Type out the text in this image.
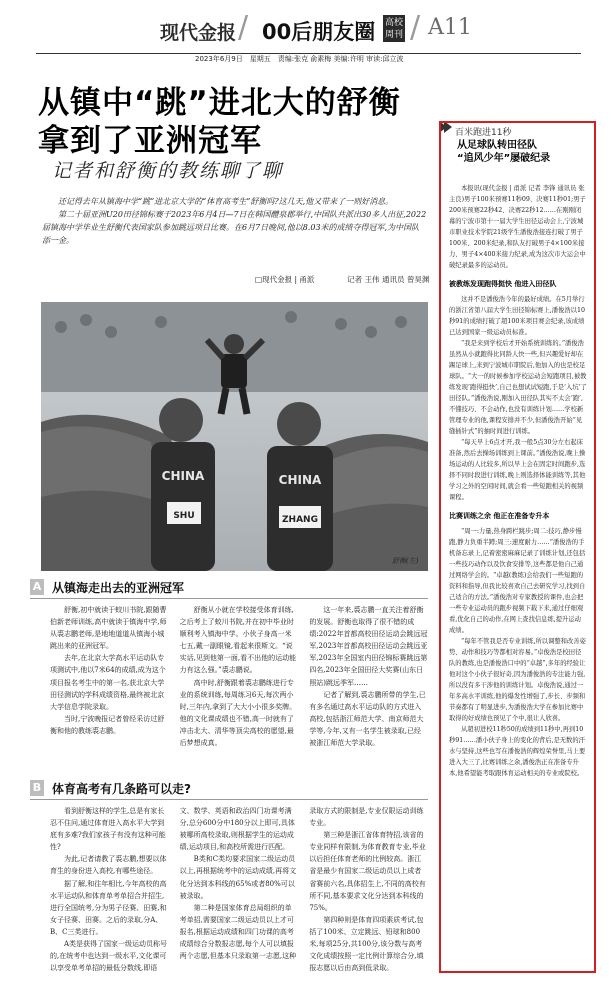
现代金报 / 00后朋友圈 高校
周刊 / A11
2023年6月9日　星期五　责编:张克 俞素梅 美编:许明 审读:邱立波
从镇中“跳”进北大的舒衡
拿到了亚洲冠军
记者和舒衡的教练聊了聊

还记得去年从镇海中学“跳”进北京大学的“体育高考生”舒衡吗?这几天,他又带来了一则好消息。

第二十届亚洲U20田径锦标赛于2023年6月4日—7日在韩国醴泉郡举行,中国队共派出30多人出征,2022届镇海中学毕业生舒衡代表国家队参加跳远项目比赛。在6月7日晚间,他以8.03米的成绩夺得冠军,为中国队添一金。

□现代金报 | 甬派	记者 王伟 通讯员 曾昊渊
CHINA
SHU
CHINA
ZHANG
舒衡(左)
A 从镇海走出去的亚洲冠军

舒衡,初中就读于蛟川书院,跟随曹伯新老师训练,高中就读于镇海中学,师从裘志鹏老师,是地地道道从镇海小城跳出来的亚洲冠军。

去年,在北京大学高水平运动队专项测试中,他以7米64的成绩,成为这个项目报名考生中的第一名,获北京大学田径测试的学科成绩资格,最终被北京大学信息学院录取。

当时,宁波晚报记者曾经采访过舒衡和他的教练裘志鹏。

舒衡从小就在学校接受体育训练,之后考上了蛟川书院,并在初中毕业时顺利考入镇海中学。小伙子身高一米七五,戴一副眼镜,看起来很斯文。“说实话,见到他第一面,看不出他的运动能力有这么强。”裘志鹏说。

高中时,舒衡跟着裘志鹏练进行专业的系统训练,每周练习6天,每次两小时,三年内,拿到了大大小小很多奖牌。他的文化课成绩也不错,高一时就有了冲击北大、清华等顶尖高校的愿望,最后梦想成真。

这一年来,裘志鹏一直关注着舒衡的发展。舒衡也取得了很不错的成绩:2022年首都高校田径运动会跳远冠军,2023年首都高校田径运动会跳远亚军,2023年全国室内田径锦标赛跳远第四名,2023年全国田径大奖赛(山东日照站)跳远季军……

记者了解到,裘志鹏所带的学生,已有多名通过高水平运动队的方式进入高校,包括浙江师范大学、南京师范大学等,今年,又有一名学生被录取,已经被浙江师范大学录取。

B 体育高考有几条路可以走?

看到舒衡这样的学生,总是有家长忍不住问,通过体育进入高水平大学到底有多难?我们家孩子有没有这种可能性?

为此,记者请教了裘志鹏,想要以体育生的身份进入高校,有哪些途径。

据了解,和往年相比,今年高校的高水平运动队和体育单考单招合并招生,进行全国统考,分为男子径赛、田赛,和女子径赛、田赛。之后的录取,分A、B、C三类进行。

A类是获得了国家一级运动员称号的,在统考中也达到一级水平,文化课可以享受单考单招的最低分数线,即语文、数学、英语和政治四门功课考满分,总分600分中180分以上即可,具体被哪所高校录取,则根据学生的运动成绩,运动项目,和高校所需进行匹配。

B类和C类均要求国家二级运动员以上,再根据统考中的运动成绩,再将文化分达到本科线的65%或者80%可以被录取。

第二种是国家体育总局组织的单考单招,需要国家二级运动员以上才可报名,根据运动成绩和四门功课的高考成绩综合分数报志愿,每个人可以填报两个志愿,但基本只录取第一志愿,这种录取方式的限制是,专业仅限运动训练专业。

第三种是浙江省体育特招,该省的专业同样有限制,为体育教育专业,毕业以后担任体育老师的比例较高。浙江省是最少有国家二级运动员以上成者省赛前六名,具体招生上,不同的高校有所不同,基本要求文化分达到本科线的75%。

第四种则是体育四项素质考试,包括了100米、立定跳远、铅球和800米,每项25分,共100分,该分数与高考文化成绩按照一定比例计算综合分,填报志愿以后由高到低录取。

百米跑进11秒
从足球队转田径队
“追风少年”屡破纪录

本报讯(现代金报 | 甬派 记者 李锋 通讯员 张主良)男子100米预赛11秒09、决赛11秒01;男子200米预赛22秒42、决赛22秒12……在刚刚闭幕的宁波市第十一届大学生田径运动会上,宁波城市职业技术学院21级学生潘俊浩接连打破了男子100米、200米纪录,和队友打破男子4×100米接力、男子4×400米接力纪录,成为这次市大运会中破纪录最多的运动员。

被教练发现跑得挺快 他进入田径队

这并不是潘俊浩今年的最好成绩。在5月举行的浙江省第八届大学生田径锦标赛上,潘俊浩以10秒91的成绩打破了超100米项目赛会纪录,该成绩已达到国家一级运动员标准。

“我是来到学校后才开始系统训练的。”潘俊浩虽然从小就跑得比同龄人快一些,但兴趣爱好却在踢足球上,来到宁波城市职院后,他加入的也是校足球队。“大一的时候参加学校运动会短跑项目,被教练发现‘跑得挺快’,自己也想试试短跑,于是‘入坑’了田径队。”潘俊浩说,刚加入田径队其实不太会‘跑’,不懂技巧、不会动作,也没有训练计划……学校新管理专业的他,课程安排并不少,但潘俊浩开始“见缝插针式”的抽时间进行训练。

“每天早上6点才开,我一般5点30分左右起床准备,然后去操场训练到上课前。”潘俊浩说,晚上操场运动的人比较多,所以早上会在固定时间跑步,选择不同时段进行训练,晚上则选择体能训练等,其他学习之外的空闲时间,就会看一些短跑相关的视频课程。

比赛训练之余 他正在准备专升本

“周一:力量,热身跨栏跳步;周二:技巧,静步慢跑,静力负重半蹲;周三:速度耐力……”潘俊浩的手机备忘录上,记着密密麻麻记录了训练计划,还包括一些技巧动作以及饮食安排等,这些都是他自己通过网络学会的。“卓越(教练)会给我们一些短跑的资料和指导,但我比较喜欢自己去研究学习,找到自己适合的方法。”潘俊浩对专家教授的课件,也会把一些专业运动员的跑步视频下载下来,通过仔细观看,优化自己的动作,在网上查找信息练,提升运动成绩。

“每年不管我是否专业训练,所以调整和改善姿势、动作和技巧等都相对容易。”卓俊浩是校田径队的教练,也是潘俊浩口中的“卓越”,多年的经验让他对这个小伙子很好奇,因为潘俊浩的专注能力强,所以没有多干涉他的训练计划。卓俊浩说,通过一年多高水平训练,他的爆发性增强了,步长、步频和节奏都有了明显进步,为潘俊浩大学在参加比赛中取得的好成绩也预见了个中,很让人欣喜。

从超初进校11秒50的成绩到11秒中,再到10秒91……潘小伙子身上的变化的背后,是无数的汗水与坚持,这些也写在潘俊浩的辉煌荣誉里,马上要进入大三了,比赛训练之余,潘俊浩正在准备专升本,他希望能考取跟体育运动相关的专业或院校。
